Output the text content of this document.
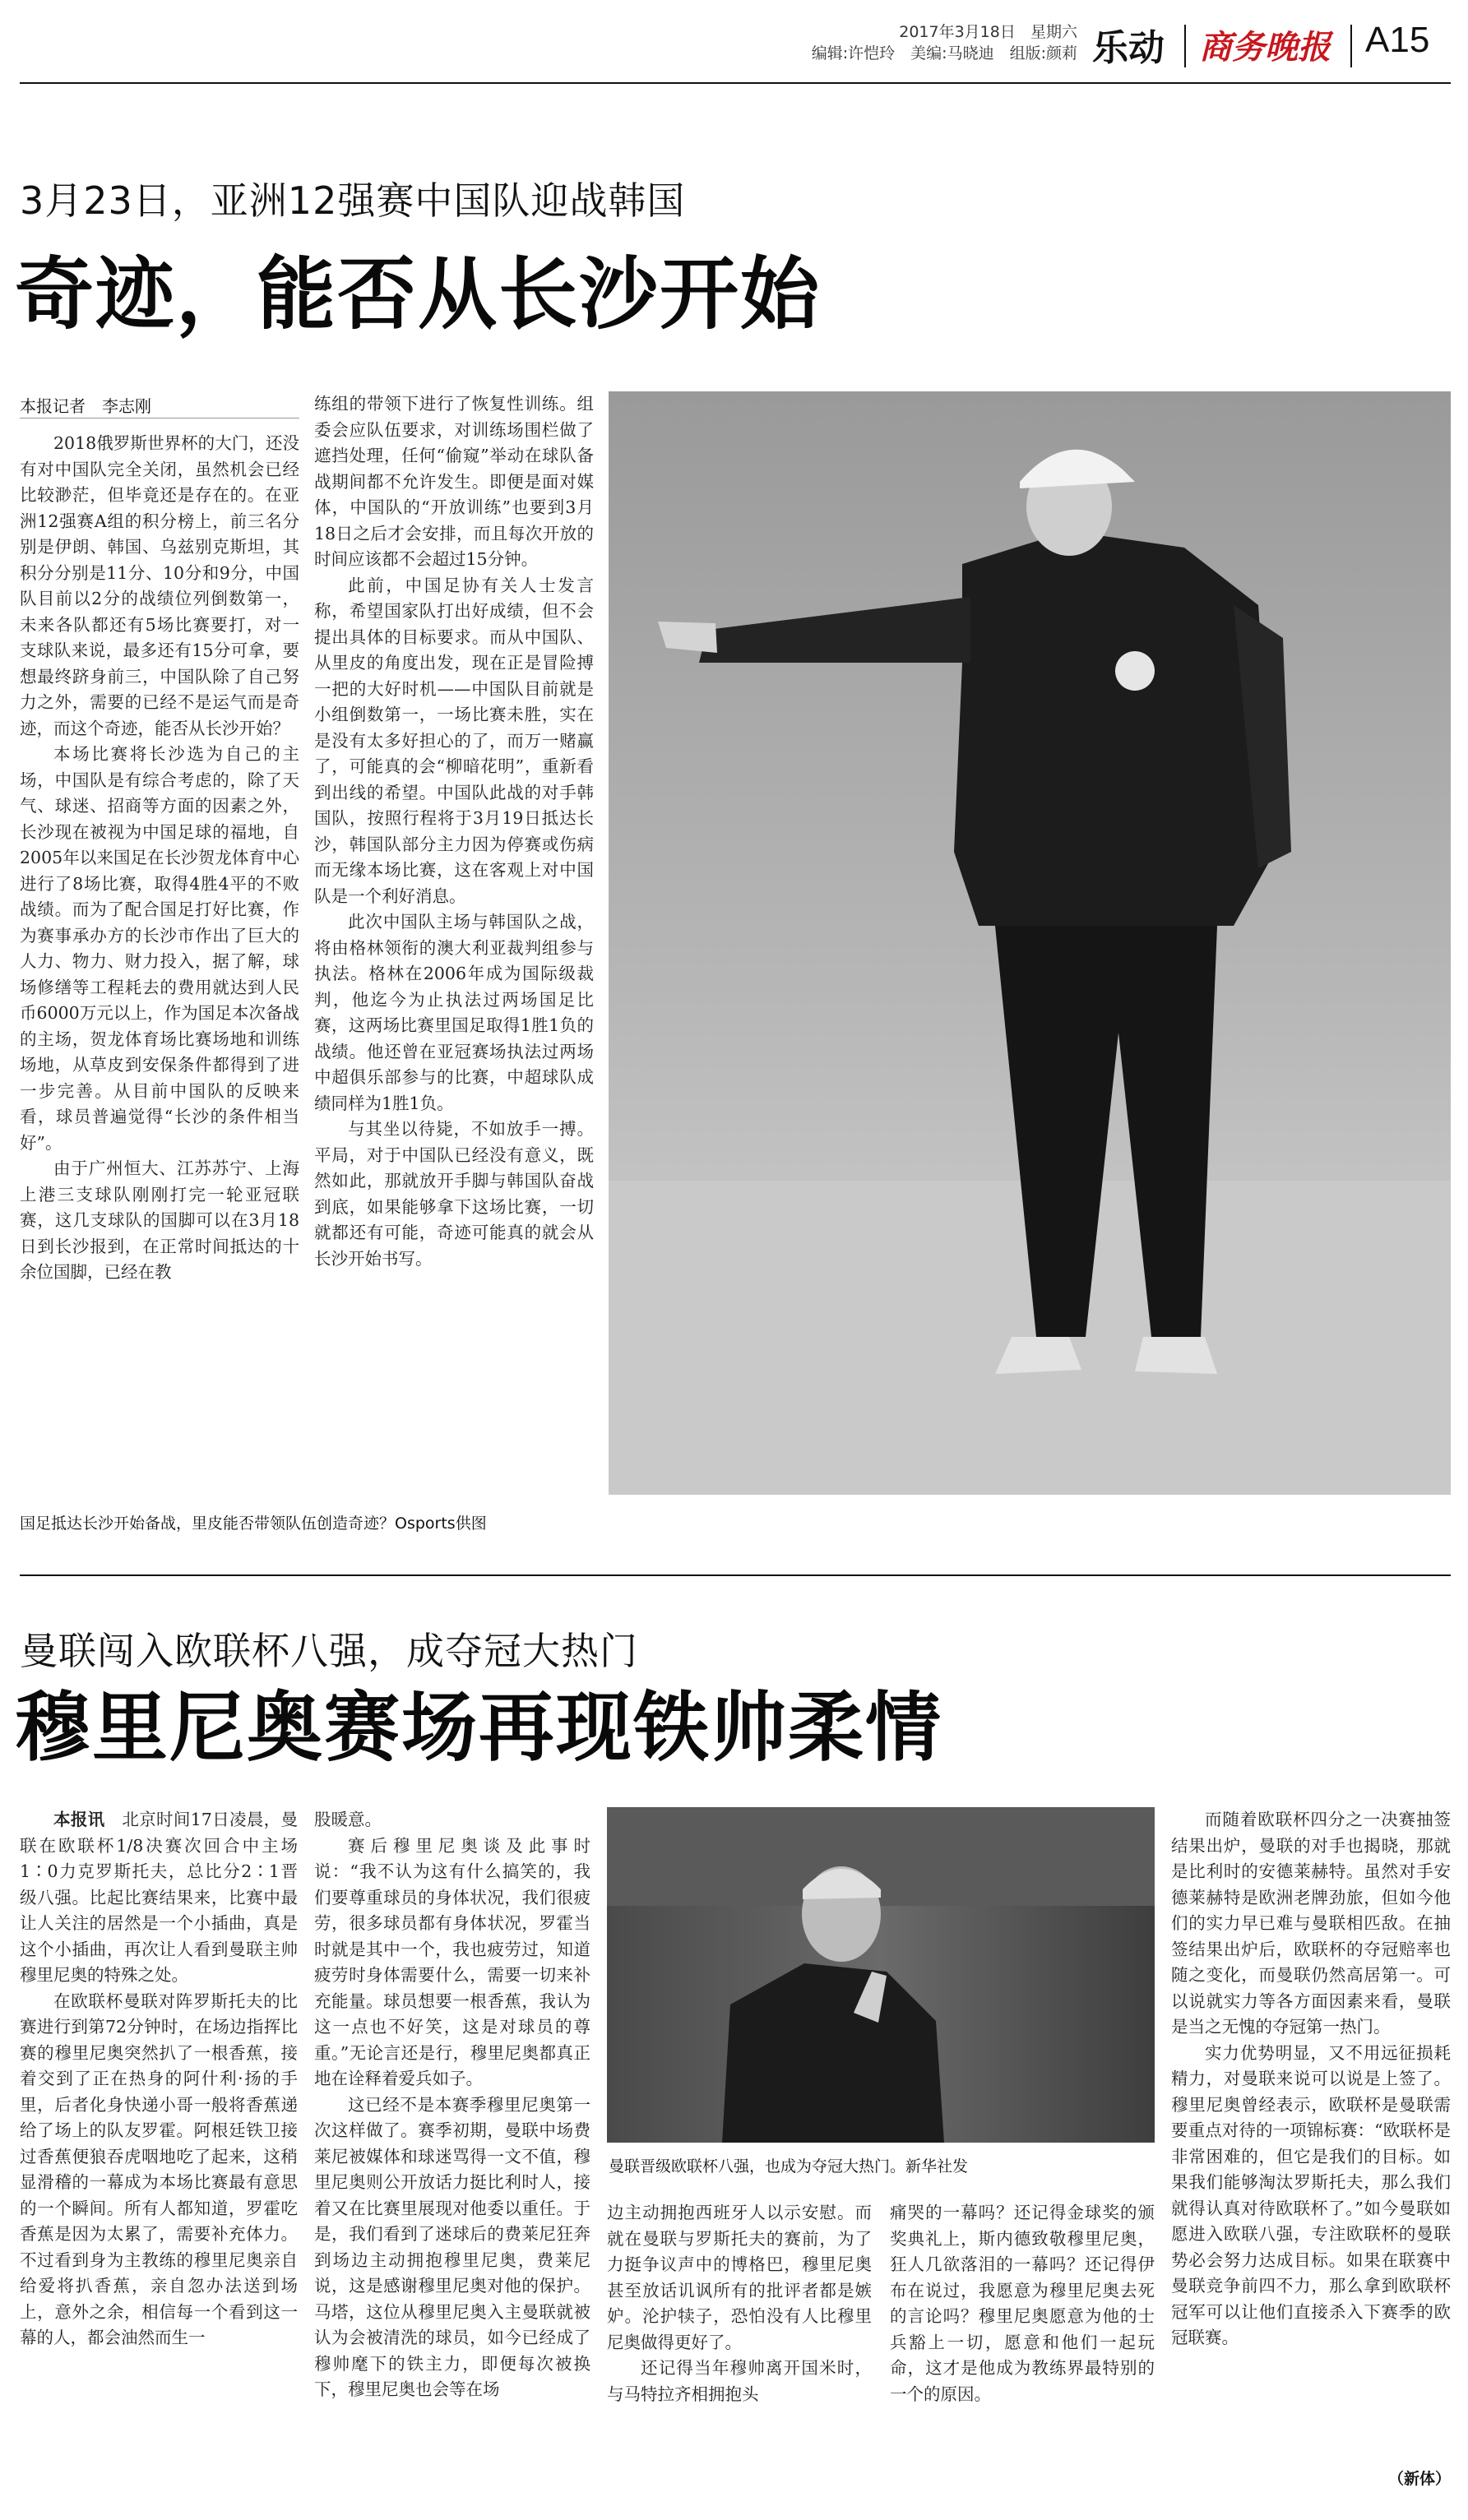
2017年3月18日 星期六
编辑:许恺玲　美编:马晓迪　组版:颜莉 乐动 商务晚报 A15
3月23日，亚洲12强赛中国队迎战韩国
奇迹，能否从长沙开始
本报记者　李志刚

2018俄罗斯世界杯的大门，还没有对中国队完全关闭，虽然机会已经比较渺茫，但毕竟还是存在的。在亚洲12强赛A组的积分榜上，前三名分别是伊朗、韩国、乌兹别克斯坦，其积分分别是11分、10分和9分，中国队目前以2分的战绩位列倒数第一，未来各队都还有5场比赛要打，对一支球队来说，最多还有15分可拿，要想最终跻身前三，中国队除了自己努力之外，需要的已经不是运气而是奇迹，而这个奇迹，能否从长沙开始？

本场比赛将长沙选为自己的主场，中国队是有综合考虑的，除了天气、球迷、招商等方面的因素之外，长沙现在被视为中国足球的福地，自2005年以来国足在长沙贺龙体育中心进行了8场比赛，取得4胜4平的不败战绩。而为了配合国足打好比赛，作为赛事承办方的长沙市作出了巨大的人力、物力、财力投入，据了解，球场修缮等工程耗去的费用就达到人民币6000万元以上，作为国足本次备战的主场，贺龙体育场比赛场地和训练场地，从草皮到安保条件都得到了进一步完善。从目前中国队的反映来看，球员普遍觉得“长沙的条件相当好”。

由于广州恒大、江苏苏宁、上海上港三支球队刚刚打完一轮亚冠联赛，这几支球队的国脚可以在3月18日到长沙报到，在正常时间抵达的十余位国脚，已经在教

练组的带领下进行了恢复性训练。组委会应队伍要求，对训练场围栏做了遮挡处理，任何“偷窥”举动在球队备战期间都不允许发生。即便是面对媒体，中国队的“开放训练”也要到3月18日之后才会安排，而且每次开放的时间应该都不会超过15分钟。

此前，中国足协有关人士发言称，希望国家队打出好成绩，但不会提出具体的目标要求。而从中国队、从里皮的角度出发，现在正是冒险搏一把的大好时机——中国队目前就是小组倒数第一，一场比赛未胜，实在是没有太多好担心的了，而万一赌赢了，可能真的会“柳暗花明”，重新看到出线的希望。中国队此战的对手韩国队，按照行程将于3月19日抵达长沙，韩国队部分主力因为停赛或伤病而无缘本场比赛，这在客观上对中国队是一个利好消息。

此次中国队主场与韩国队之战，将由格林领衔的澳大利亚裁判组参与执法。格林在2006年成为国际级裁判，他迄今为止执法过两场国足比赛，这两场比赛里国足取得1胜1负的战绩。他还曾在亚冠赛场执法过两场中超俱乐部参与的比赛，中超球队成绩同样为1胜1负。

与其坐以待毙，不如放手一搏。平局，对于中国队已经没有意义，既然如此，那就放开手脚与韩国队奋战到底，如果能够拿下这场比赛，一切就都还有可能，奇迹可能真的就会从长沙开始书写。

国足抵达长沙开始备战，里皮能否带领队伍创造奇迹？Osports供图
曼联闯入欧联杯八强，成夺冠大热门
穆里尼奥赛场再现铁帅柔情

本报讯　 北京时间17日凌晨，曼联在欧联杯1/8决赛次回合中主场1∶0力克罗斯托夫，总比分2∶1晋级八强。比起比赛结果来，比赛中最让人关注的居然是一个小插曲，真是这个小插曲，再次让人看到曼联主帅穆里尼奥的特殊之处。

在欧联杯曼联对阵罗斯托夫的比赛进行到第72分钟时，在场边指挥比赛的穆里尼奥突然扒了一根香蕉，接着交到了正在热身的阿什利·扬的手里，后者化身快递小哥一般将香蕉递给了场上的队友罗霍。阿根廷铁卫接过香蕉便狼吞虎咽地吃了起来，这稍显滑稽的一幕成为本场比赛最有意思的一个瞬间。所有人都知道，罗霍吃香蕉是因为太累了，需要补充体力。不过看到身为主教练的穆里尼奥亲自给爱将扒香蕉，亲自忽办法送到场上，意外之余，相信每一个看到这一幕的人，都会油然而生一

股暖意。

赛后穆里尼奥谈及此事时说：“我不认为这有什么搞笑的，我们要尊重球员的身体状况，我们很疲劳，很多球员都有身体状况，罗霍当时就是其中一个，我也疲劳过，知道疲劳时身体需要什么，需要一切来补充能量。球员想要一根香蕉，我认为这一点也不好笑，这是对球员的尊重。”无论言还是行，穆里尼奥都真正地在诠释着爱兵如子。

这已经不是本赛季穆里尼奥第一次这样做了。赛季初期，曼联中场费莱尼被媒体和球迷骂得一文不值，穆里尼奥则公开放话力挺比利时人，接着又在比赛里展现对他委以重任。于是，我们看到了迷球后的费莱尼狂奔到场边主动拥抱穆里尼奥，费莱尼说，这是感谢穆里尼奥对他的保护。马塔，这位从穆里尼奥入主曼联就被认为会被清洗的球员，如今已经成了穆帅麾下的铁主力，即便每次被换下，穆里尼奥也会等在场

曼联晋级欧联杯八强，也成为夺冠大热门。新华社发

边主动拥抱西班牙人以示安慰。而就在曼联与罗斯托夫的赛前，为了力挺争议声中的博格巴，穆里尼奥甚至放话讥讽所有的批评者都是嫉妒。沦护犊子，恐怕没有人比穆里尼奥做得更好了。

还记得当年穆帅离开国米时，与马特拉齐相拥抱头

痛哭的一幕吗？还记得金球奖的颁奖典礼上，斯内德致敬穆里尼奥，狂人几欲落泪的一幕吗？还记得伊布在说过，我愿意为穆里尼奥去死的言论吗？穆里尼奥愿意为他的士兵豁上一切，愿意和他们一起玩命，这才是他成为教练界最特别的一个的原因。

而随着欧联杯四分之一决赛抽签结果出炉，曼联的对手也揭晓，那就是比利时的安德莱赫特。虽然对手安德莱赫特是欧洲老牌劲旅，但如今他们的实力早已难与曼联相匹敌。在抽签结果出炉后，欧联杯的夺冠赔率也随之变化，而曼联仍然高居第一。可以说就实力等各方面因素来看，曼联是当之无愧的夺冠第一热门。

实力优势明显，又不用远征损耗精力，对曼联来说可以说是上签了。穆里尼奥曾经表示，欧联杯是曼联需要重点对待的一项锦标赛：“欧联杯是非常困难的，但它是我们的目标。如果我们能够淘汰罗斯托夫，那么我们就得认真对待欧联杯了。”如今曼联如愿进入欧联八强，专注欧联杯的曼联势必会努力达成目标。如果在联赛中曼联竞争前四不力，那么拿到欧联杯冠军可以让他们直接杀入下赛季的欧冠联赛。

（新体）
